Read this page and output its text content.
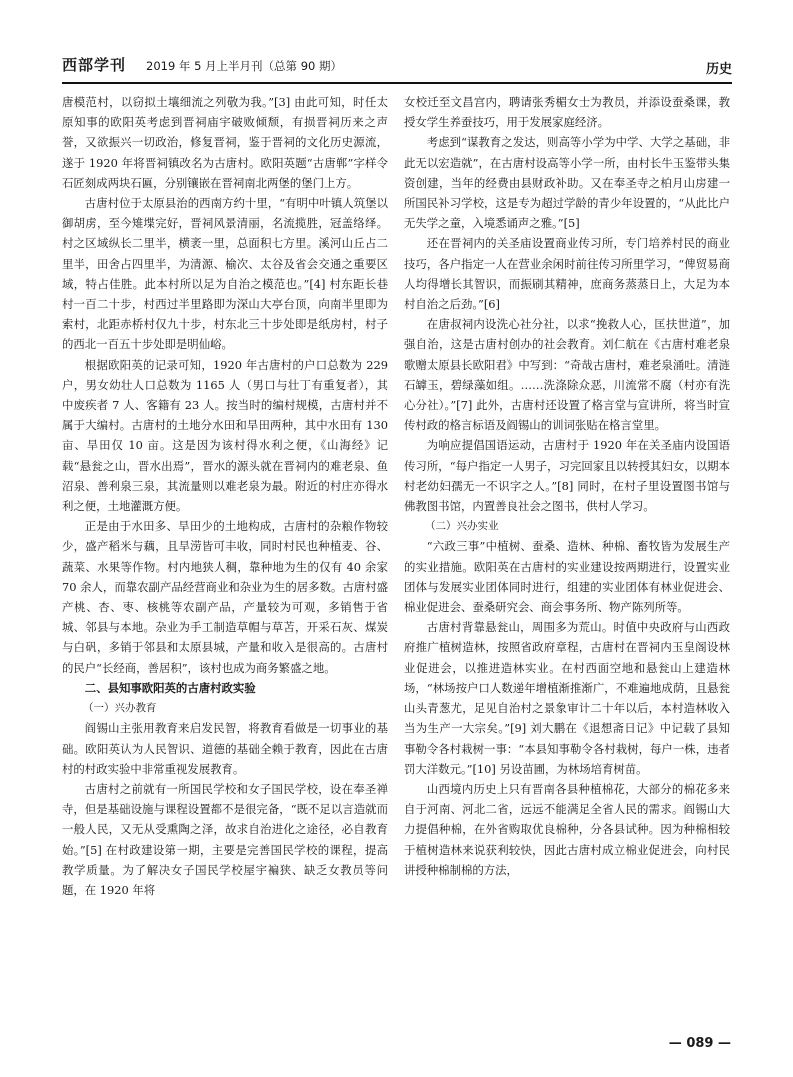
西部学刊 2019 年 5 月上半月刊（总第 90 期）	历史

唐模范村，以窃拟土壤细流之列敬为我。”[3] 由此可知，时任太原知事的欧阳英考虑到晋祠庙宇破败倾颓，有损晋祠历来之声誉，又欲振兴一切政治，修复晋祠，鉴于晋祠的文化历史源流，遂于 1920 年将晋祠镇改名为古唐村。欧阳英题“古唐郸”字样令石匠刻成两块石匾，分别镶嵌在晋祠南北两堡的堡门上方。

古唐村位于太原县治的西南方约十里，“有明中叶镇人筑堡以御胡虏，至今雉堞完好，晋祠风景清丽，名流揽胜，冠盖络绎。村之区域纵长二里半，横袤一里，总面积七方里。溪河山丘占二里半，田舍占四里半，为清源、榆次、太谷及省会交通之重要区域，特占佳胜。此本村所以足为自治之模范也。”[4] 村东距长巷村一百二十步，村西过半里路即为深山大亭台顶，向南半里即为索村，北距赤桥村仅九十步，村东北三十步处即是纸房村，村子的西北一百五十步处即是明仙峪。

根据欧阳英的记录可知，1920 年古唐村的户口总数为 229 户，男女幼壮人口总数为 1165 人（男口与壮丁有重复者），其中废疾者 7 人、客籍有 23 人。按当时的编村规模，古唐村并不属于大编村。古唐村的土地分水田和旱田两种，其中水田有 130 亩、旱田仅 10 亩。这是因为该村得水利之便，《山海经》记载“悬瓮之山，晋水出焉”，晋水的源头就在晋祠内的难老泉、鱼沼泉、善利泉三泉，其流量则以难老泉为最。附近的村庄亦得水利之便，土地灌溉方便。

正是由于水田多、旱田少的土地构成，古唐村的杂粮作物较少，盛产稻米与藕，且旱涝皆可丰收，同时村民也种植麦、谷、蔬菜、水果等作物。村内地狭人稠，靠种地为生的仅有 40 余家 70 余人，而靠农副产品经营商业和杂业为生的居多数。古唐村盛产桃、杏、枣、核桃等农副产品，产量较为可观，多销售于省城、邻县与本地。杂业为手工制造草帽与草苫，开采石灰、煤炭与白矾，多销于邻县和太原县城，产量和收入是很高的。古唐村的民户“长经商，善居积”，该村也成为商务繁盛之地。

二、县知事欧阳英的古唐村政实验
（一）兴办教育

阎锡山主张用教育来启发民智，将教育看做是一切事业的基础。欧阳英认为人民智识、道德的基础全赖于教育，因此在古唐村的村政实验中非常重视发展教育。

古唐村之前就有一所国民学校和女子国民学校，设在奉圣禅寺，但是基础设施与课程设置都不是很完备，“既不足以言造就而一般人民，又无从受熏陶之泽，故求自治进化之途径，必自教育始。”[5] 在村政建设第一期，主要是完善国民学校的课程，提高教学质量。为了解决女子国民学校屋宇褊狭、缺乏女教员等问题，在 1920 年将

女校迁至文昌宫内，聘请张秀楣女士为教员，并添设蚕桑课，教授女学生养蚕技巧，用于发展家庭经济。

考虑到“谋教育之发达，则高等小学为中学、大学之基础，非此无以宏造就”，在古唐村设高等小学一所，由村长牛玉鉴带头集资创建，当年的经费由县财政补助。又在奉圣寺之柏月山房建一所国民补习学校，这是专为超过学龄的青少年设置的，“从此比户无失学之童，入境悉诵声之雅。”[5]

还在晋祠内的关圣庙设置商业传习所，专门培养村民的商业技巧，各户指定一人在营业余闲时前往传习所里学习，“俾贸易商人均得增长其智识，而振刷其精神，庶商务蒸蒸日上，大足为本村自治之后劲。”[6]

在唐叔祠内设洗心社分社，以求“挽救人心，匡扶世道”，加强自治，这是古唐村创办的社会教育。刘仁航在《古唐村难老泉歌赠太原县长欧阳君》中写到：“奇哉古唐村，难老泉涌吐。清涟石罅玉，碧绿藻如组。……洗涤除众恶，川流常不腐（村亦有洗心分社）。”[7] 此外，古唐村还设置了格言堂与宣讲所，将当时宣传村政的格言标语及阎锡山的训词张贴在格言堂里。

为响应提倡国语运动，古唐村于 1920 年在关圣庙内设国语传习所，“每户指定一人男子，习完回家且以转授其妇女，以期本村老幼妇孺无一不识字之人。”[8] 同时，在村子里设置图书馆与佛教图书馆，内置善良社会之图书，供村人学习。

（二）兴办实业

“六政三事”中植树、蚕桑、造林、种棉、畜牧皆为发展生产的实业措施。欧阳英在古唐村的实业建设按两期进行，设置实业团体与发展实业团体同时进行，组建的实业团体有林业促进会、棉业促进会、蚕桑研究会、商会事务所、物产陈列所等。

古唐村背靠悬瓮山，周围多为荒山。时值中央政府与山西政府推广植树造林，按照省政府章程，古唐村在晋祠内玉皇阁设林业促进会，以推进造林实业。在村西面空地和悬瓮山上建造林场，“林场按户口人数递年增植渐推渐广，不难遍地成荫，且悬瓮山头青葱尤，足见自治村之景象审计二十年以后，本村造林收入当为生产一大宗矣。”[9] 刘大鹏在《退想斋日记》中记载了县知事勒令各村栽树一事：“本县知事勒令各村栽树，每户一株，违者罚大洋数元。”[10] 另设苗圃，为林场培育树苗。

山西境内历史上只有晋南各县种植棉花，大部分的棉花多来自于河南、河北二省，远远不能满足全省人民的需求。阎锡山大力提倡种棉，在外省购取优良棉种，分各县试种。因为种棉相较于植树造林来说获利较快，因此古唐村成立棉业促进会，向村民讲授种棉制棉的方法，

— 089 —
